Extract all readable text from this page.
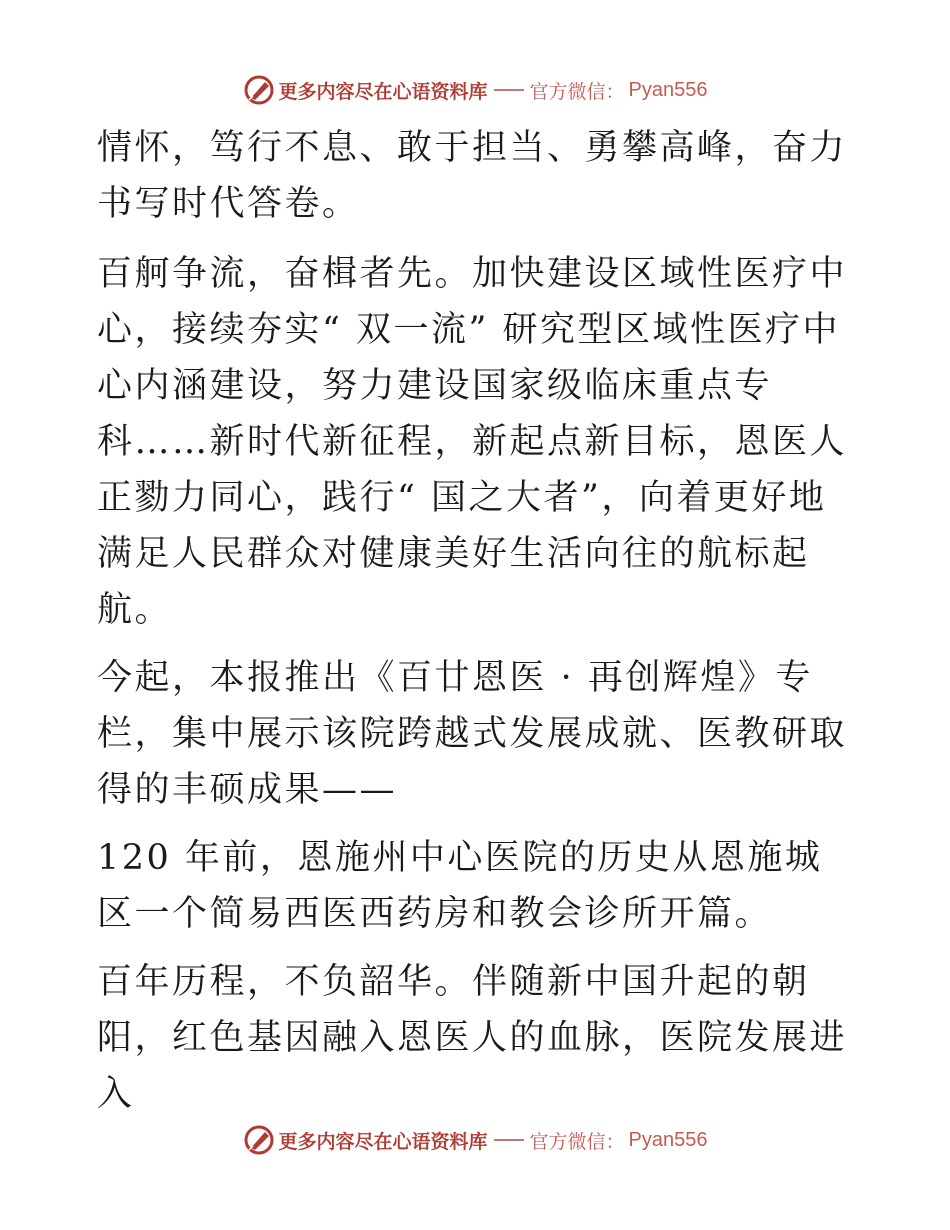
更多内容尽在心语资料库 官方微信： Pyan556

情怀，笃行不息、敢于担当、勇攀高峰，奋力书写时代答卷。

百舸争流，奋楫者先。加快建设区域性医疗中心，接续夯实“ 双一流” 研究型区域性医疗中心内涵建设，努力建设国家级临床重点专科……新时代新征程，新起点新目标，恩医人正勠力同心，践行“ 国之大者”，向着更好地满足人民群众对健康美好生活向往的航标起航。

今起，本报推出《百廿恩医 · 再创辉煌》专栏，集中展示该院跨越式发展成就、医教研取得的丰硕成果——

120 年前，恩施州中心医院的历史从恩施城区一个简易西医西药房和教会诊所开篇。

百年历程，不负韶华。伴随新中国升起的朝阳，红色基因融入恩医人的血脉，医院发展进入

更多内容尽在心语资料库 官方微信： Pyan556
